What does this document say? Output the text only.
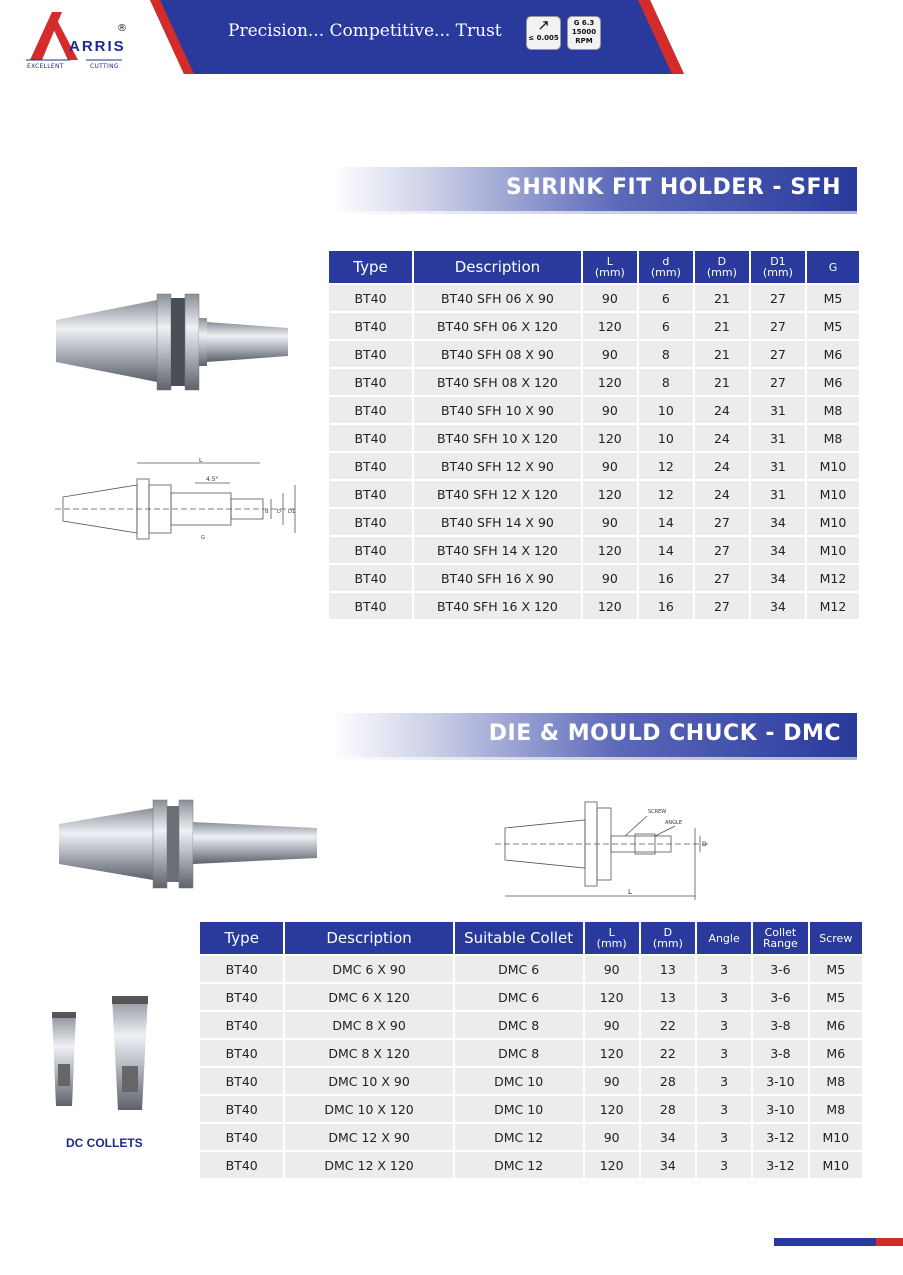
®
ARRIS
EXCELLENT	CUTTING
Precision... Competitive... Trust	↗
≤ 0.005
G 6.3
15000
RPM
SHRINK FIT HOLDER - SFH
L
4.5°
d D D1
G
Type	Description	L
(mm)	d
(mm)	D
(mm)	D1
(mm)	G
BT40	BT40 SFH 06 X 90	90	6	21	27	M5
BT40	BT40 SFH 06 X 120	120	6	21	27	M5
BT40	BT40 SFH 08 X 90	90	8	21	27	M6
BT40	BT40 SFH 08 X 120	120	8	21	27	M6
BT40	BT40 SFH 10 X 90	90	10	24	31	M8
BT40	BT40 SFH 10 X 120	120	10	24	31	M8
BT40	BT40 SFH 12 X 90	90	12	24	31	M10
BT40	BT40 SFH 12 X 120	120	12	24	31	M10
BT40	BT40 SFH 14 X 90	90	14	27	34	M10
BT40	BT40 SFH 14 X 120	120	14	27	34	M10
BT40	BT40 SFH 16 X 90	90	16	27	34	M12
BT40	BT40 SFH 16 X 120	120	16	27	34	M12
DIE & MOULD CHUCK - DMC
SCREW
ANGLE
L
D
DC COLLETS
Type	Description	Suitable Collet	L
(mm)	D
(mm)	Angle	Collet
Range	Screw
BT40	DMC 6 X 90	DMC 6	90	13	3	3-6	M5
BT40	DMC 6 X 120	DMC 6	120	13	3	3-6	M5
BT40	DMC 8 X 90	DMC 8	90	22	3	3-8	M6
BT40	DMC 8 X 120	DMC 8	120	22	3	3-8	M6
BT40	DMC 10 X 90	DMC 10	90	28	3	3-10	M8
BT40	DMC 10 X 120	DMC 10	120	28	3	3-10	M8
BT40	DMC 12 X 90	DMC 12	90	34	3	3-12	M10
BT40	DMC 12 X 120	DMC 12	120	34	3	3-12	M10
